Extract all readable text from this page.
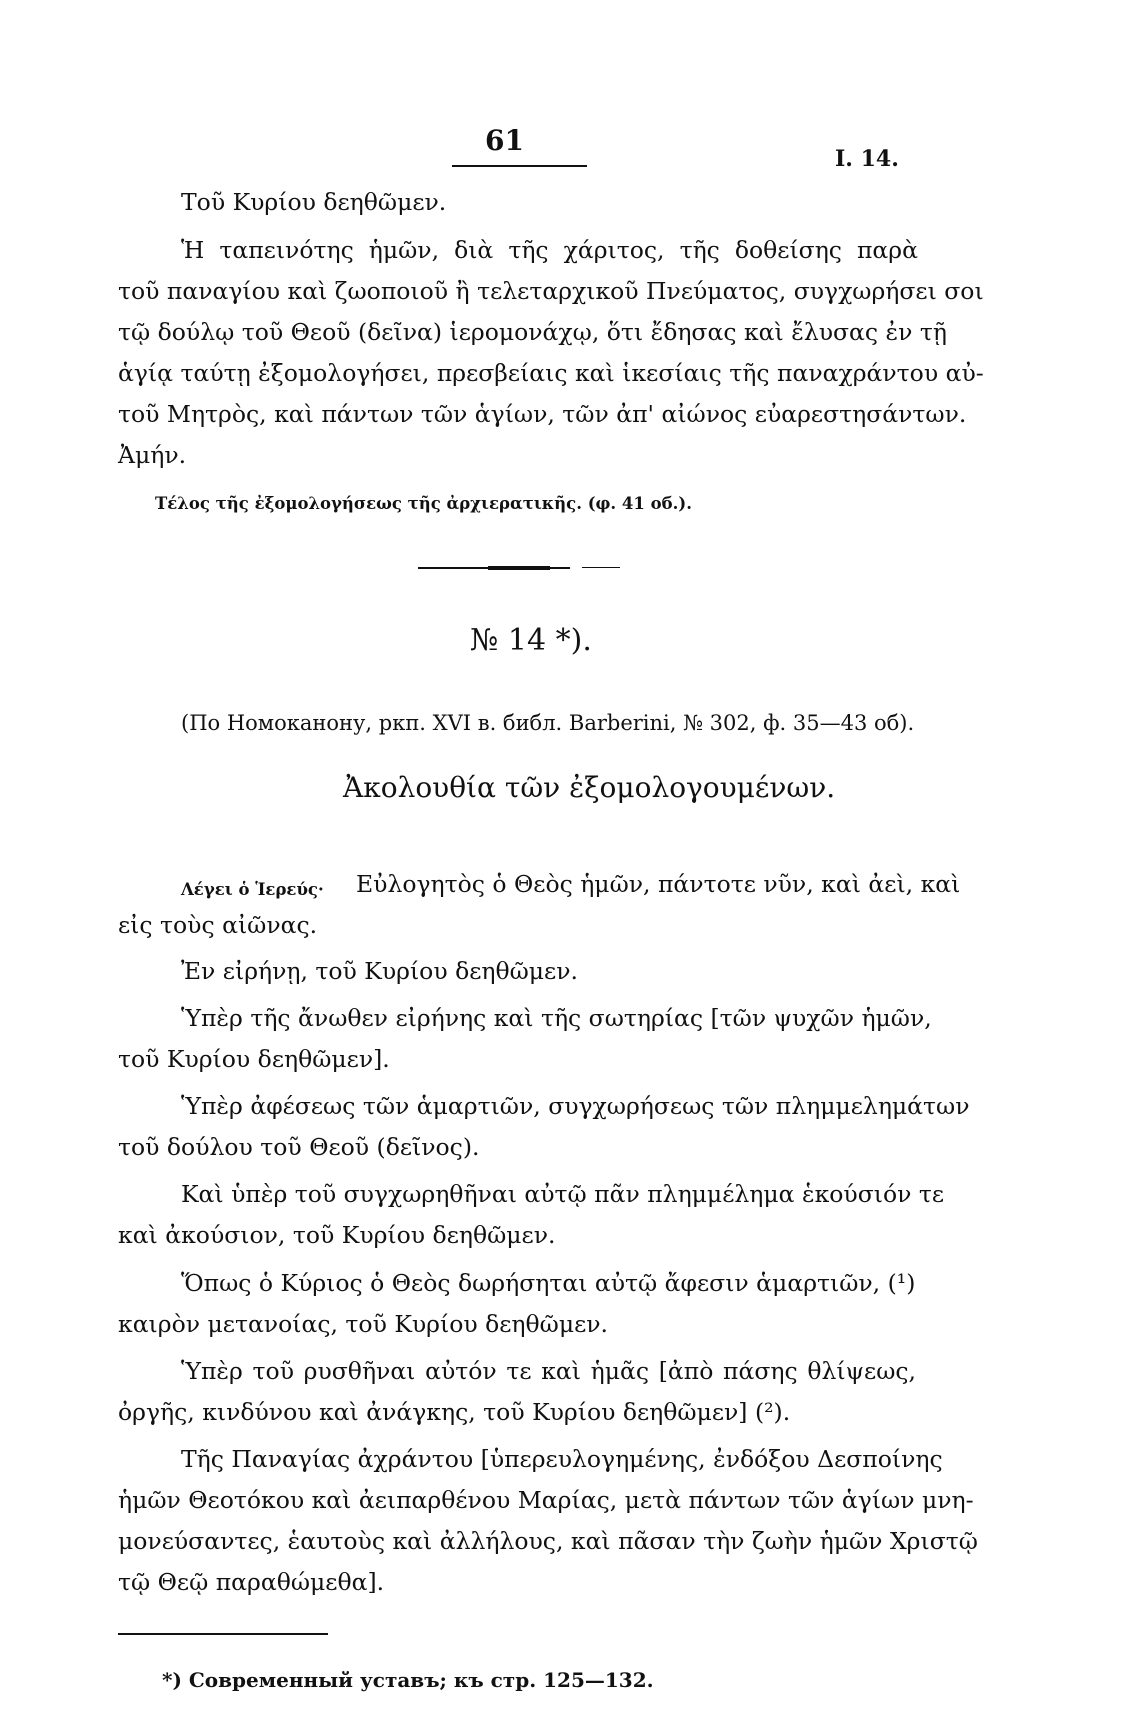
61
I. 14.
Τοῦ Κυρίου δεηθῶμεν.
Ἡ ταπεινότης ἡμῶν, διὰ τῆς χάριτος, τῆς δοθείσης παρὰ
τοῦ παναγίου καὶ ζωοποιοῦ ἢ τελεταρχικοῦ Πνεύματος, συγχωρήσει σοι
τῷ δούλῳ τοῦ Θεοῦ (δεῖνα) ἱερομονάχῳ, ὅτι ἔδησας καὶ ἔλυσας ἐν τῇ
ἁγίᾳ ταύτῃ ἐξομολογήσει, πρεσβείαις καὶ ἱκεσίαις τῆς παναχράντου αὐ-
τοῦ Μητρὸς, καὶ πάντων τῶν ἁγίων, τῶν ἀπ' αἰώνος εὐαρεστησάντων.
Ἀμήν.
Τέλος τῆς ἐξομολογήσεως τῆς ἀρχιερατικῆς. (φ. 41 οб.).
№ 14 *).
(По Номоканону, ркп. XVI в. библ. Barberini, № 302, ф. 35—43 об).
Ἀκολουθία τῶν ἐξομολογουμένων.
Λέγει ὁ Ἱερεύς· Εὐλογητὸς ὁ Θεὸς ἡμῶν, πάντοτε νῦν, καὶ ἀεὶ, καὶ
εἰς τοὺς αἰῶνας.
Ἐν εἰρήνῃ, τοῦ Κυρίου δεηθῶμεν.
Ὑπὲρ τῆς ἄνωθεν εἰρήνης καὶ τῆς σωτηρίας [τῶν ψυχῶν ἡμῶν,
τοῦ Κυρίου δεηθῶμεν].
Ὑπὲρ ἀφέσεως τῶν ἁμαρτιῶν, συγχωρήσεως τῶν πλημμελημάτων
τοῦ δούλου τοῦ Θεοῦ (δεῖνος).
Καὶ ὑπὲρ τοῦ συγχωρηθῆναι αὐτῷ πᾶν πλημμέλημα ἑκούσιόν τε
καὶ ἀκούσιον, τοῦ Κυρίου δεηθῶμεν.
Ὅπως ὁ Κύριος ὁ Θεὸς δωρήσηται αὐτῷ ἄφεσιν ἁμαρτιῶν, (¹)
καιρὸν μετανοίας, τοῦ Κυρίου δεηθῶμεν.
Ὑπὲρ τοῦ ρυσθῆναι αὐτόν τε καὶ ἡμᾶς [ἀπὸ πάσης θλίψεως,
ὀργῆς, κινδύνου καὶ ἀνάγκης, τοῦ Κυρίου δεηθῶμεν] (²).
Τῆς Παναγίας ἀχράντου [ὑπερευλογημένης, ἐνδόξου Δεσποίνης
ἡμῶν Θεοτόκου καὶ ἀειπαρθένου Μαρίας, μετὰ πάντων τῶν ἁγίων μνη-
μονεύσαντες, ἑαυτοὺς καὶ ἀλλήλους, καὶ πᾶσαν τὴν ζωὴν ἡμῶν Χριστῷ
τῷ Θεῷ παραθώμεθα].
*) Современный уставъ; къ стр. 125—132.
